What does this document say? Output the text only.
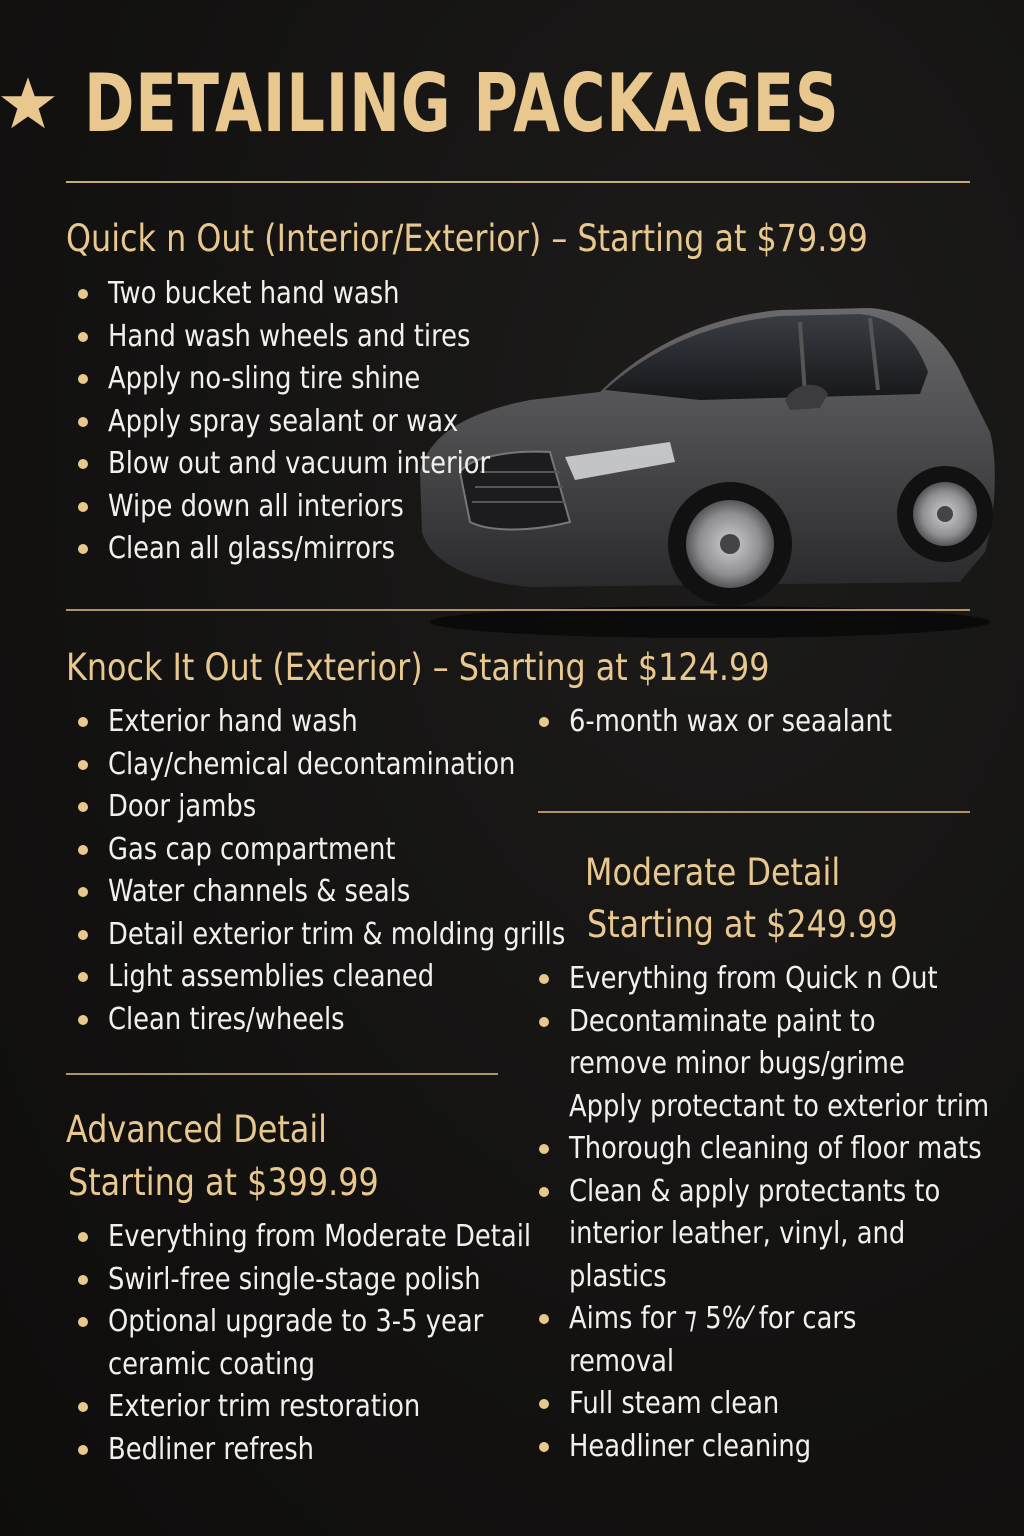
DETAILING PACKAGES
Quick n Out (Interior/Exterior) – Starting at $79.99
Two bucket hand wash
Hand wash wheels and tires
Apply no-sling tire shine
Apply spray sealant or wax
Blow out and vacuum interior
Wipe down all interiors
Clean all glass/mirrors
Knock It Out (Exterior) – Starting at $124.99
Exterior hand wash
Clay/chemical decontamination
Door jambs
Gas cap compartment
Water channels & seals
Detail exterior trim & molding grills
Light assemblies cleaned
Clean tires/wheels
6-month wax or seaalant
Moderate Detail
Starting at $249.99
Everything from Quick n Out
Decontaminate paint to
remove minor bugs/grime
Apply protectant to exterior trim
Thorough cleaning of floor mats
Clean & apply protectants to
interior leather, vinyl, and
plastics
Aims for ⁊ 5%⁄ for cars
removal
Full steam clean
Headliner cleaning
Advanced Detail
Starting at $399.99
Everything from Moderate Detail
Swirl-free single-stage polish
Optional upgrade to 3-5 year
ceramic coating
Exterior trim restoration
Bedliner refresh
